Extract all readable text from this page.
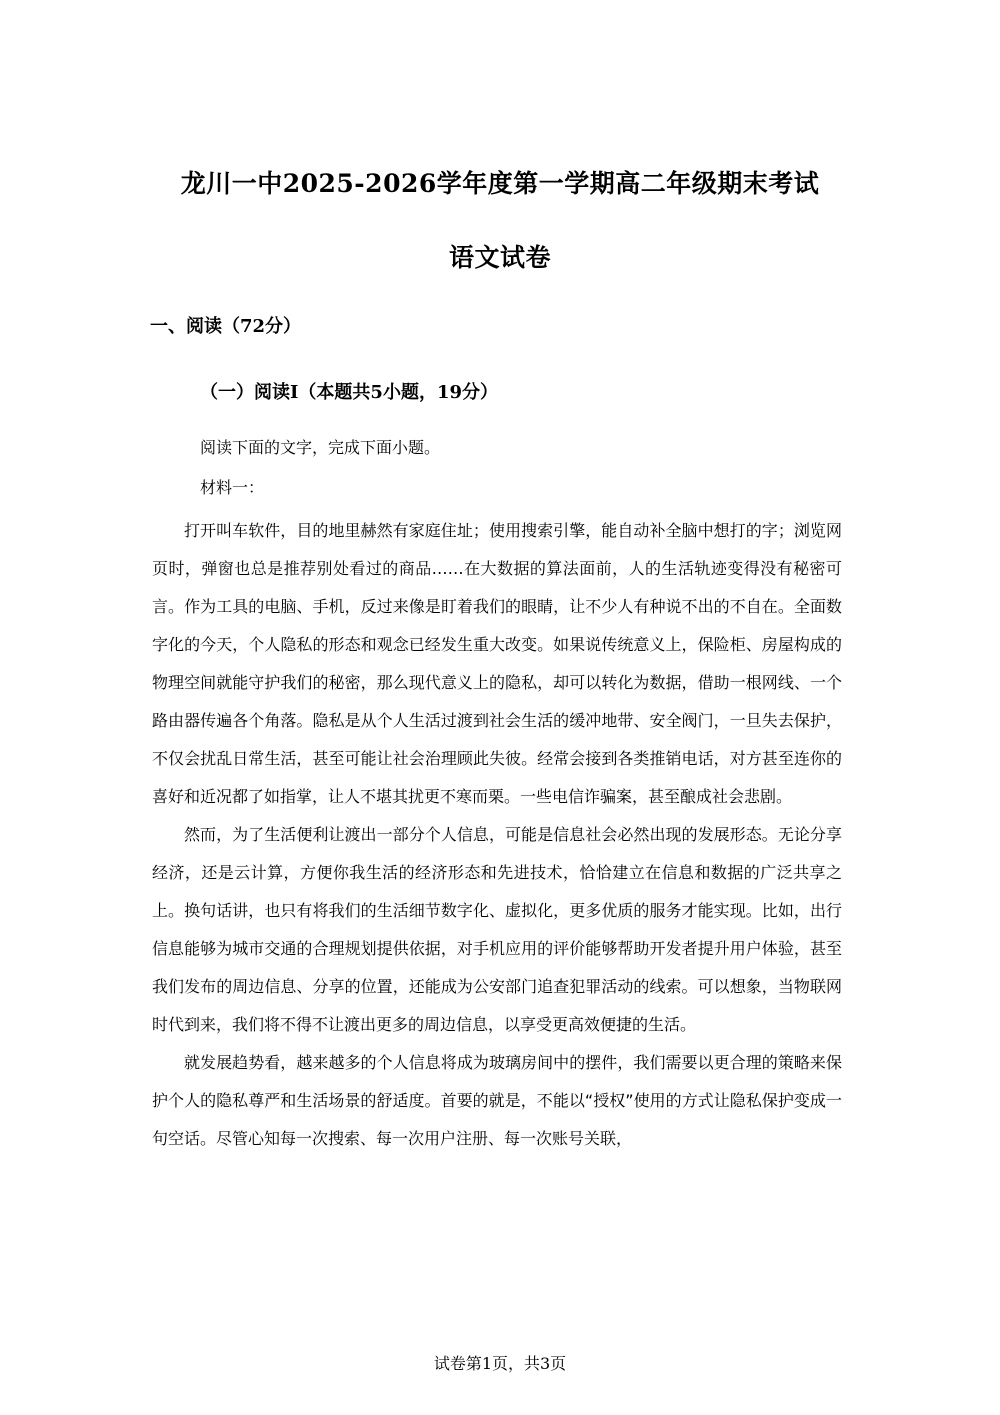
龙川一中2025-2026学年度第一学期高二年级期末考试
语文试卷
一、阅读（72分）
（一）阅读Ⅰ（本题共5小题，19分）
阅读下面的文字，完成下面小题。
材料一：

打开叫车软件，目的地里赫然有家庭住址；使用搜索引擎，能自动补全脑中想打的字；浏览网页时，弹窗也总是推荐别处看过的商品……在大数据的算法面前，人的生活轨迹变得没有秘密可言。作为工具的电脑、手机，反过来像是盯着我们的眼睛，让不少人有种说不出的不自在。全面数字化的今天，个人隐私的形态和观念已经发生重大改变。如果说传统意义上，保险柜、房屋构成的物理空间就能守护我们的秘密，那么现代意义上的隐私，却可以转化为数据，借助一根网线、一个路由器传遍各个角落。隐私是从个人生活过渡到社会生活的缓冲地带、安全阀门，一旦失去保护，不仅会扰乱日常生活，甚至可能让社会治理顾此失彼。经常会接到各类推销电话，对方甚至连你的喜好和近况都了如指掌，让人不堪其扰更不寒而栗。一些电信诈骗案，甚至酿成社会悲剧。

然而，为了生活便利让渡出一部分个人信息，可能是信息社会必然出现的发展形态。无论分享经济，还是云计算，方便你我生活的经济形态和先进技术，恰恰建立在信息和数据的广泛共享之上。换句话讲，也只有将我们的生活细节数字化、虚拟化，更多优质的服务才能实现。比如，出行信息能够为城市交通的合理规划提供依据，对手机应用的评价能够帮助开发者提升用户体验，甚至我们发布的周边信息、分享的位置，还能成为公安部门追查犯罪活动的线索。可以想象，当物联网时代到来，我们将不得不让渡出更多的周边信息，以享受更高效便捷的生活。

就发展趋势看，越来越多的个人信息将成为玻璃房间中的摆件，我们需要以更合理的策略来保护个人的隐私尊严和生活场景的舒适度。首要的就是，不能以“授权”使用的方式让隐私保护变成一句空话。尽管心知每一次搜索、每一次用户注册、每一次账号关联，

试卷第1页，共3页
